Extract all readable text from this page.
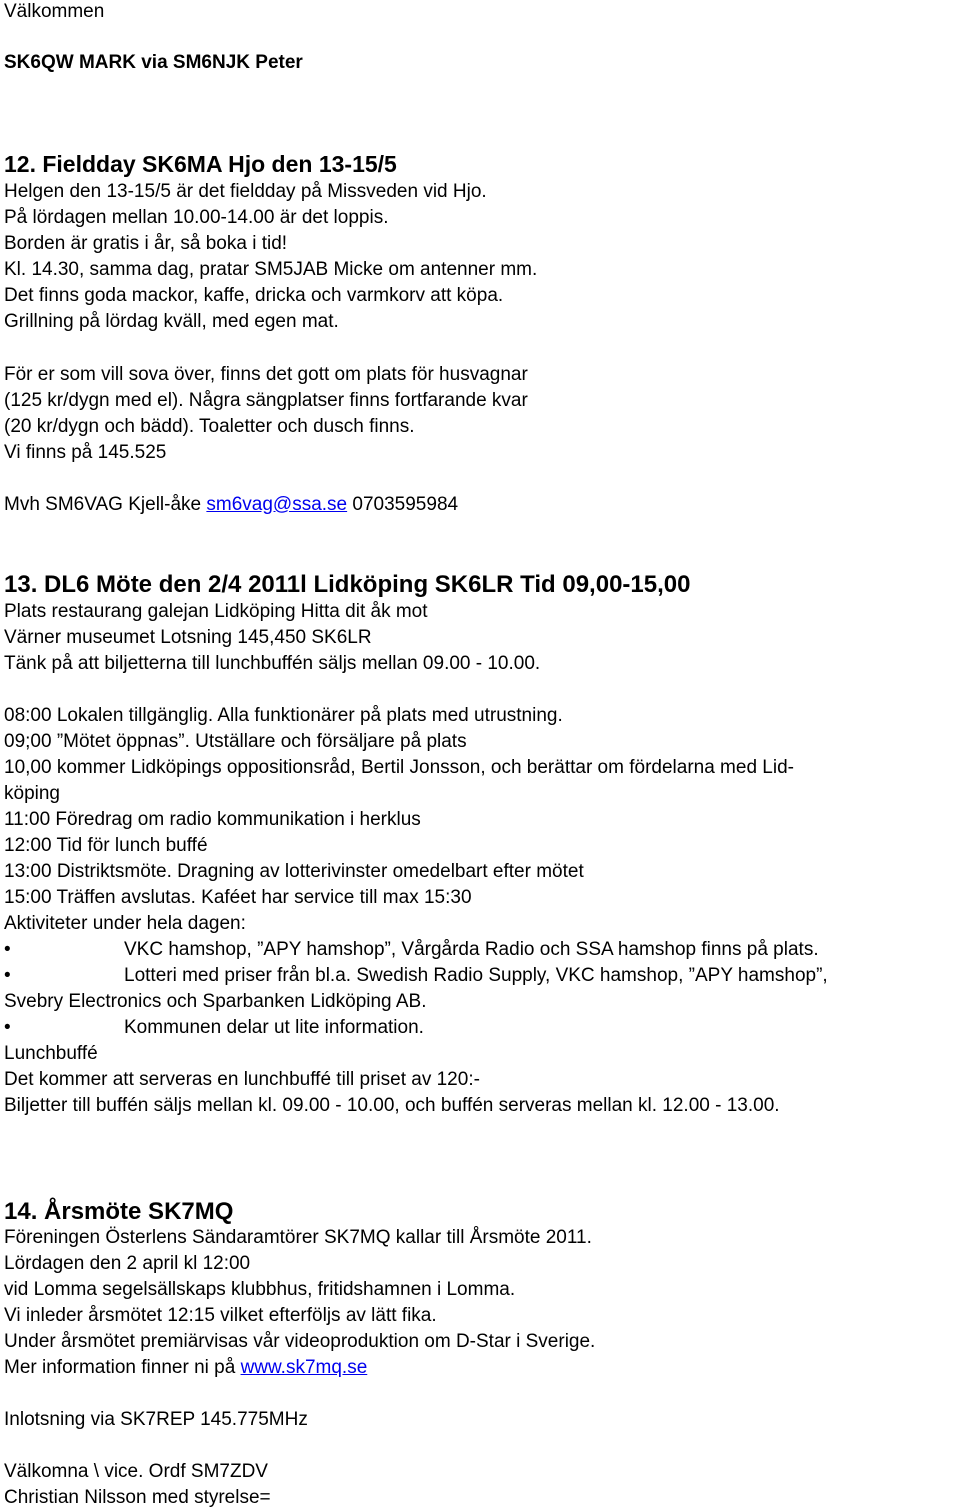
Välkommen
SK6QW MARK via SM6NJK Peter
12. Fieldday SK6MA Hjo den 13-15/5
Helgen den 13-15/5 är det fieldday på Missveden vid Hjo.
På lördagen mellan 10.00-14.00 är det loppis.
Borden är gratis i år, så boka i tid!
Kl. 14.30, samma dag, pratar SM5JAB Micke om antenner mm.
Det finns goda mackor, kaffe, dricka och varmkorv att köpa.
Grillning på lördag kväll, med egen mat.
För er som vill sova över, finns det gott om plats för husvagnar
(125 kr/dygn med el). Några sängplatser finns fortfarande kvar
(20 kr/dygn och bädd). Toaletter och dusch finns.
Vi finns på 145.525
Mvh SM6VAG Kjell-åke sm6vag@ssa.se 0703595984
13. DL6 Möte den 2/4 2011l Lidköping SK6LR Tid 09,00-15,00
Plats restaurang galejan Lidköping Hitta dit åk mot
Värner museumet Lotsning 145,450 SK6LR
Tänk på att biljetterna till lunchbuffén säljs mellan 09.00 - 10.00.
08:00 Lokalen tillgänglig. Alla funktionärer på plats med utrustning.
09;00 ”Mötet öppnas”. Utställare och försäljare på plats
10,00 kommer Lidköpings oppositionsråd, Bertil Jonsson, och berättar om fördelarna med Lid-
köping
11:00 Föredrag om radio kommunikation i herklus
12:00 Tid för lunch buffé
13:00 Distriktsmöte. Dragning av lotterivinster omedelbart efter mötet
15:00 Träffen avslutas. Kaféet har service till max 15:30
Aktiviteter under hela dagen:
•	VKC hamshop, ”APY hamshop”, Vårgårda Radio och SSA hamshop finns på plats.
•	Lotteri med priser från bl.a. Swedish Radio Supply, VKC hamshop, ”APY hamshop”,
Svebry Electronics och Sparbanken Lidköping AB.
•	Kommunen delar ut lite information.
Lunchbuffé
Det kommer att serveras en lunchbuffé till priset av 120:-
Biljetter till buffén säljs mellan kl. 09.00 - 10.00, och buffén serveras mellan kl. 12.00 - 13.00.
14. Årsmöte SK7MQ
Föreningen Österlens Sändaramtörer SK7MQ kallar till Årsmöte 2011.
Lördagen den 2 april kl 12:00
vid Lomma segelsällskaps klubbhus, fritidshamnen i Lomma.
Vi inleder årsmötet 12:15 vilket efterföljs av lätt fika.
Under årsmötet premiärvisas vår videoproduktion om D-Star i Sverige.
Mer information finner ni på www.sk7mq.se
Inlotsning via SK7REP 145.775MHz
Välkomna \ vice. Ordf SM7ZDV
Christian Nilsson med styrelse=
